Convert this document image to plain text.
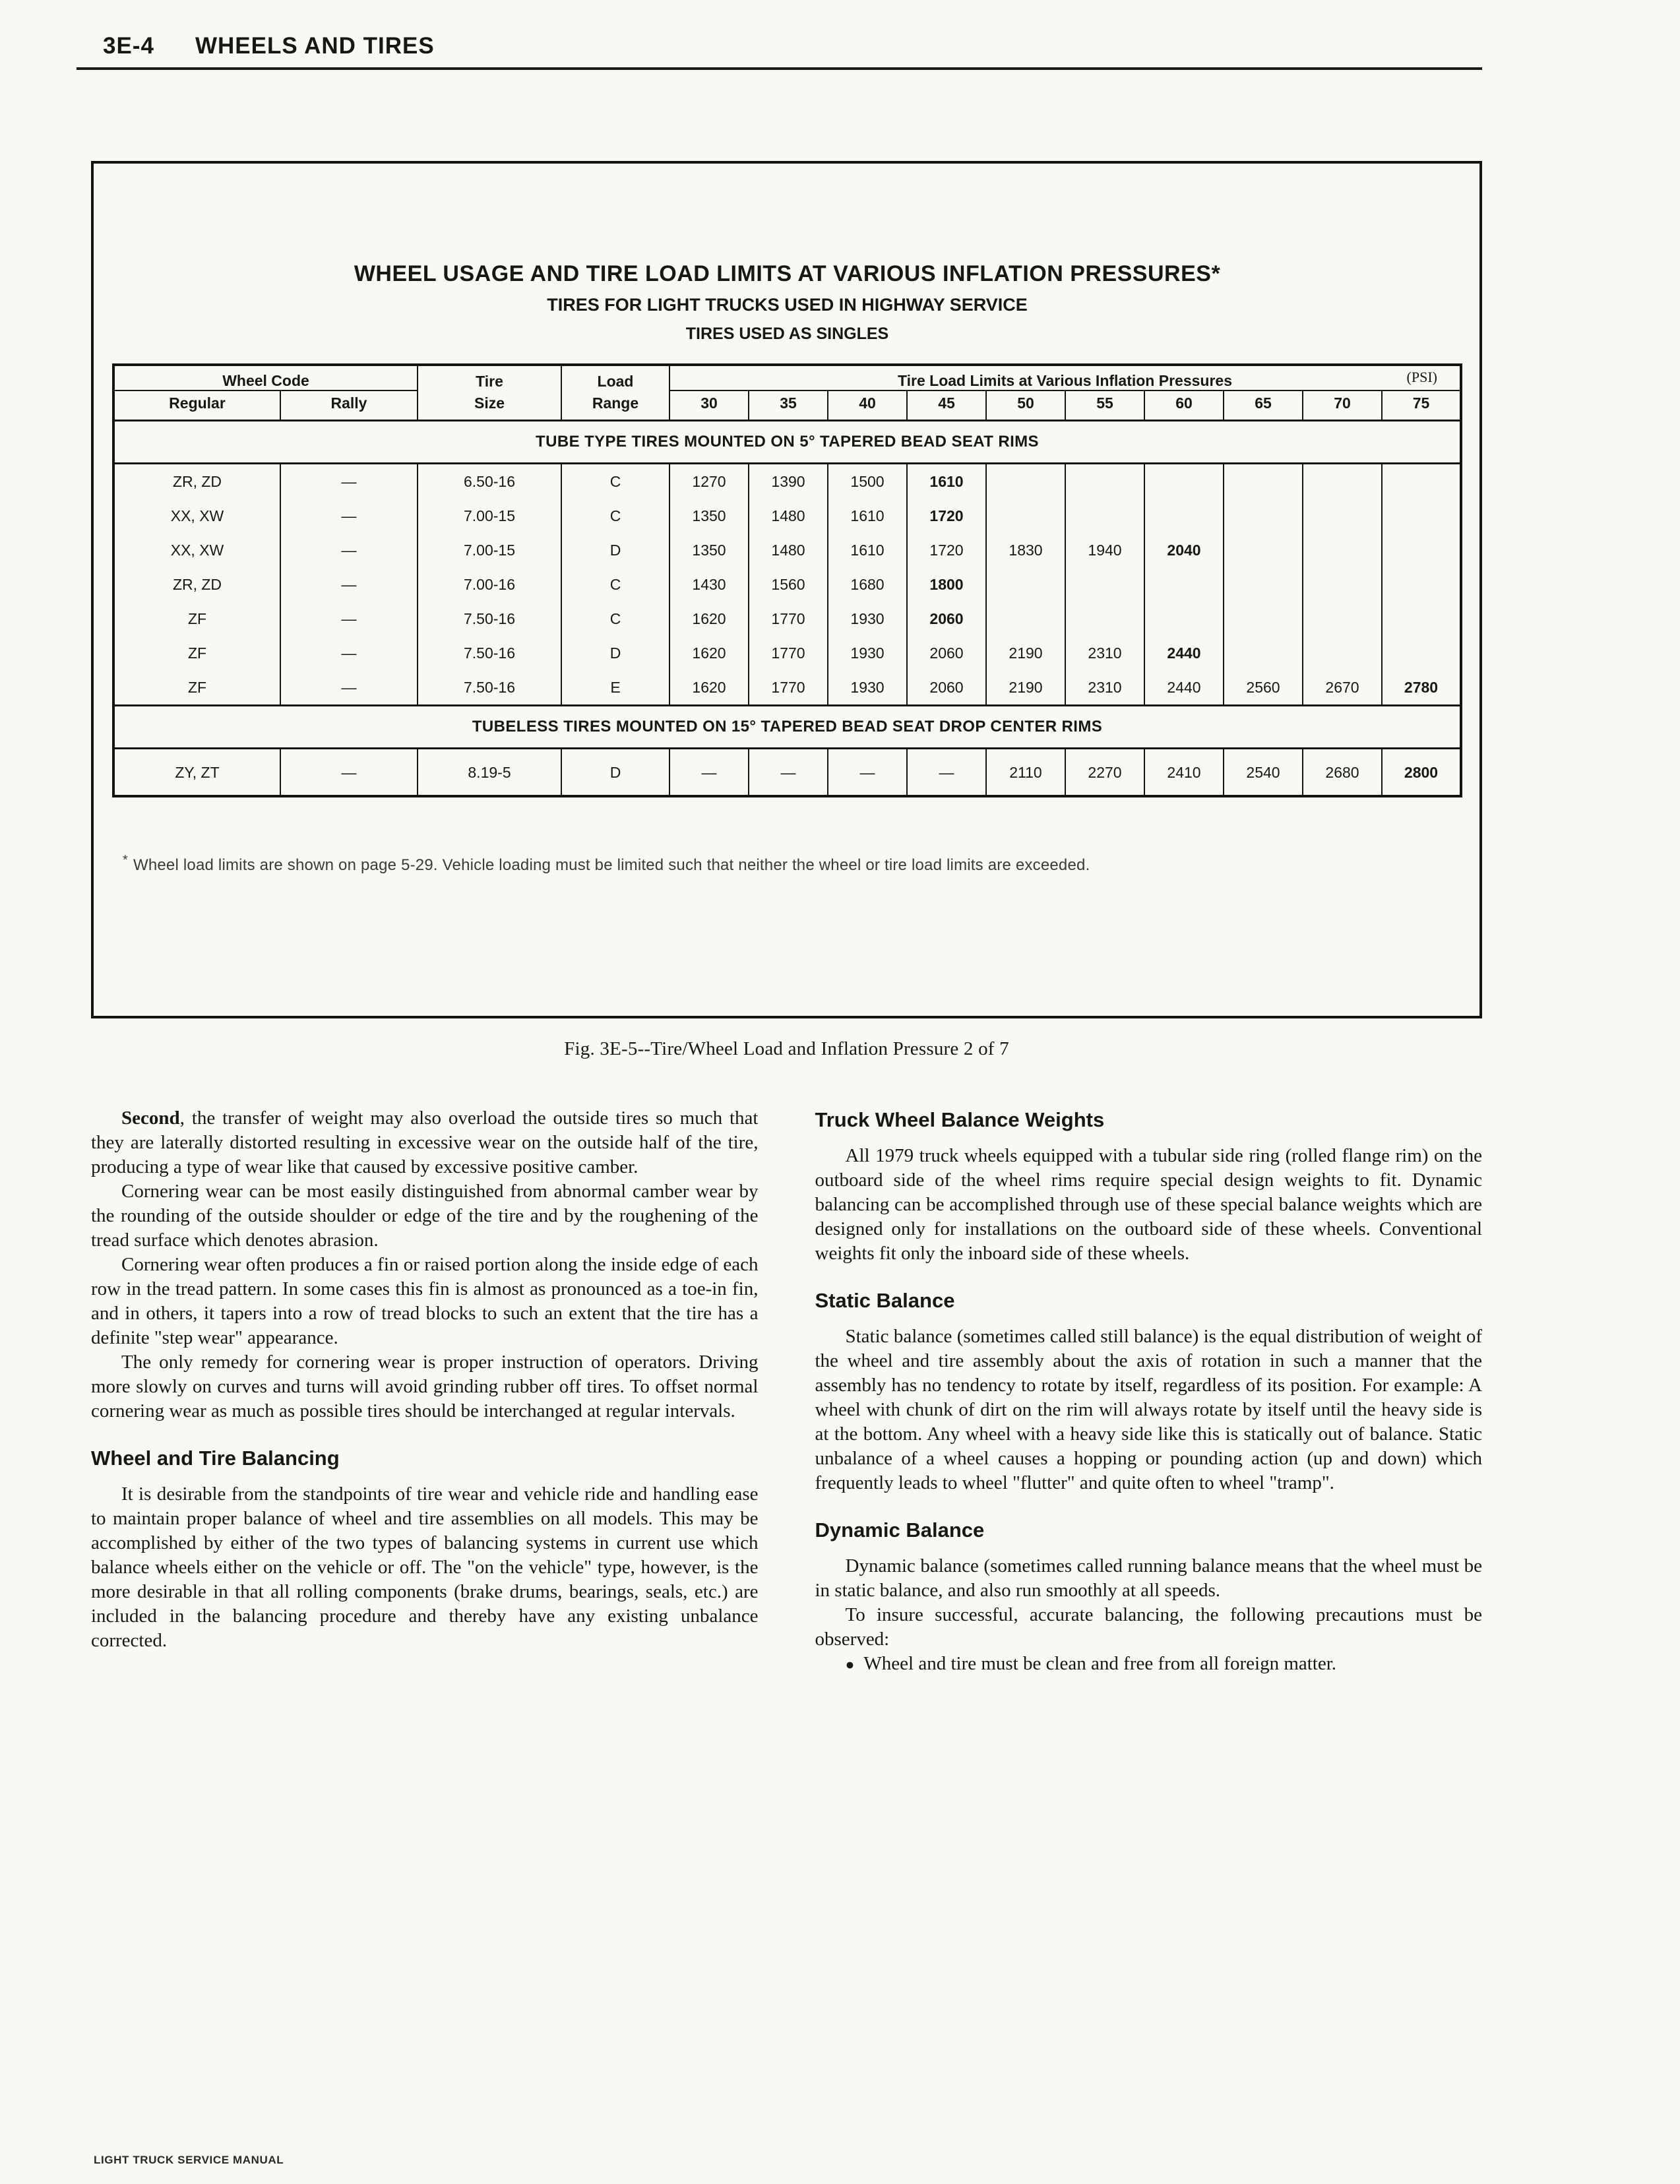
3E-4 WHEELS AND TIRES
WHEEL USAGE AND TIRE LOAD LIMITS AT VARIOUS INFLATION PRESSURES*
TIRES FOR LIGHT TRUCKS USED IN HIGHWAY SERVICE
TIRES USED AS SINGLES
Wheel Code		Tire	Load	Tire Load Limits at Various Inflation Pressures (PSI)									

Regular	Rally	Size	Range	30	35	40	45	50	55	60	65	70	75
TUBE TYPE TIRES MOUNTED ON 5° TAPERED BEAD SEAT RIMS													
ZR, ZD	—	6.50-16	C	1270	1390	1500	1610						
XX, XW	—	7.00-15	C	1350	1480	1610	1720						
XX, XW	—	7.00-15	D	1350	1480	1610	1720	1830	1940	2040			
ZR, ZD	—	7.00-16	C	1430	1560	1680	1800						
ZF	—	7.50-16	C	1620	1770	1930	2060						
ZF	—	7.50-16	D	1620	1770	1930	2060	2190	2310	2440			
ZF	—	7.50-16	E	1620	1770	1930	2060	2190	2310	2440	2560	2670	2780
TUBELESS TIRES MOUNTED ON 15° TAPERED BEAD SEAT DROP CENTER RIMS													
ZY, ZT	—	8.19-5	D	—	—	—	—	2110	2270	2410	2540	2680	2800

* Wheel load limits are shown on page 5-29. Vehicle loading must be limited such that neither the wheel or tire load limits are exceeded.

Fig. 3E-5--Tire/Wheel Load and Inflation Pressure 2 of 7

Second, the transfer of weight may also overload the outside tires so much that they are laterally distorted resulting in excessive wear on the outside half of the tire, producing a type of wear like that caused by excessive positive camber.

Cornering wear can be most easily distinguished from abnormal camber wear by the rounding of the outside shoulder or edge of the tire and by the roughening of the tread surface which denotes abrasion.

Cornering wear often produces a fin or raised portion along the inside edge of each row in the tread pattern. In some cases this fin is almost as pronounced as a toe-in fin, and in others, it tapers into a row of tread blocks to such an extent that the tire has a definite "step wear" appearance.

The only remedy for cornering wear is proper instruction of operators. Driving more slowly on curves and turns will avoid grinding rubber off tires. To offset normal cornering wear as much as possible tires should be interchanged at regular intervals.

Wheel and Tire Balancing

It is desirable from the standpoints of tire wear and vehicle ride and handling ease to maintain proper balance of wheel and tire assemblies on all models. This may be accomplished by either of the two types of balancing systems in current use which balance wheels either on the vehicle or off. The "on the vehicle" type, however, is the more desirable in that all rolling components (brake drums, bearings, seals, etc.) are included in the balancing procedure and thereby have any existing unbalance corrected.

Truck Wheel Balance Weights

All 1979 truck wheels equipped with a tubular side ring (rolled flange rim) on the outboard side of the wheel rims require special design weights to fit. Dynamic balancing can be accomplished through use of these special balance weights which are designed only for installations on the outboard side of these wheels. Conventional weights fit only the inboard side of these wheels.

Static Balance

Static balance (sometimes called still balance) is the equal distribution of weight of the wheel and tire assembly about the axis of rotation in such a manner that the assembly has no tendency to rotate by itself, regardless of its position. For example: A wheel with chunk of dirt on the rim will always rotate by itself until the heavy side is at the bottom. Any wheel with a heavy side like this is statically out of balance. Static unbalance of a wheel causes a hopping or pounding action (up and down) which frequently leads to wheel "flutter" and quite often to wheel "tramp".

Dynamic Balance

Dynamic balance (sometimes called running balance means that the wheel must be in static balance, and also run smoothly at all speeds.

To insure successful, accurate balancing, the following precautions must be observed:

● Wheel and tire must be clean and free from all foreign matter.

LIGHT TRUCK SERVICE MANUAL
